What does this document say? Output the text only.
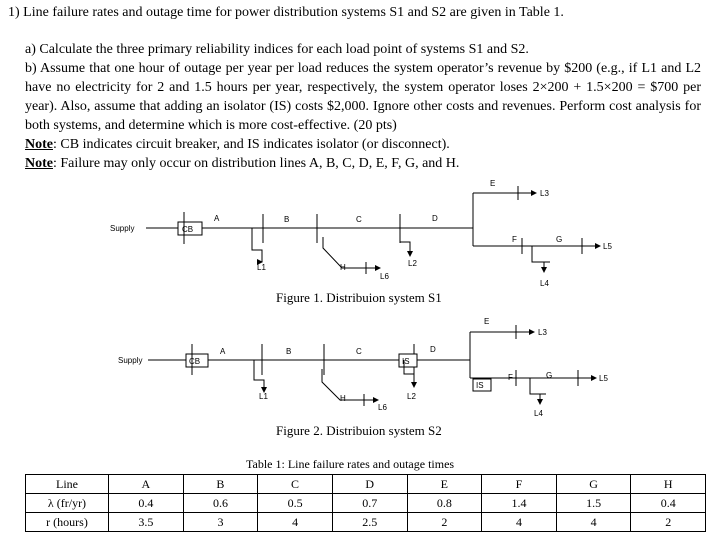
1) Line failure rates and outage time for power distribution systems S1 and S2 are given in Table 1.
a) Calculate the three primary reliability indices for each load point of systems S1 and S2.
b) Assume that one hour of outage per year per load reduces the system operator’s revenue by $200 (e.g., if L1 and L2 have no electricity for 2 and 1.5 hours per year, respectively, the system operator loses 2×200 + 1.5×200 = $700 per year). Also, assume that adding an isolator (IS) costs $2,000. Ignore other costs and revenues. Perform cost analysis for both systems, and determine which is more cost-effective. (20 pts)
Note: CB indicates circuit breaker, and IS indicates isolator (or disconnect).
Note: Failure may only occur on distribution lines A, B, C, D, E, F, G, and H.
Supply	CB
A	B	C	D
E
F	G
H
L1	L2
L3
L4
L5
L6
Supply	CB	IS
IS
A	B	C	D
E
F	G
H
L1	L2
L3
L4
L5
L6
Figure 1. Distribuion system S1
Figure 2. Distribuion system S2
Table 1: Line failure rates and outage times
Line	A	B	C	D	E	F	G	H
λ (fr/yr)	0.4	0.6	0.5	0.7	0.8	1.4	1.5	0.4
r (hours)	3.5	3	4	2.5	2	4	4	2
